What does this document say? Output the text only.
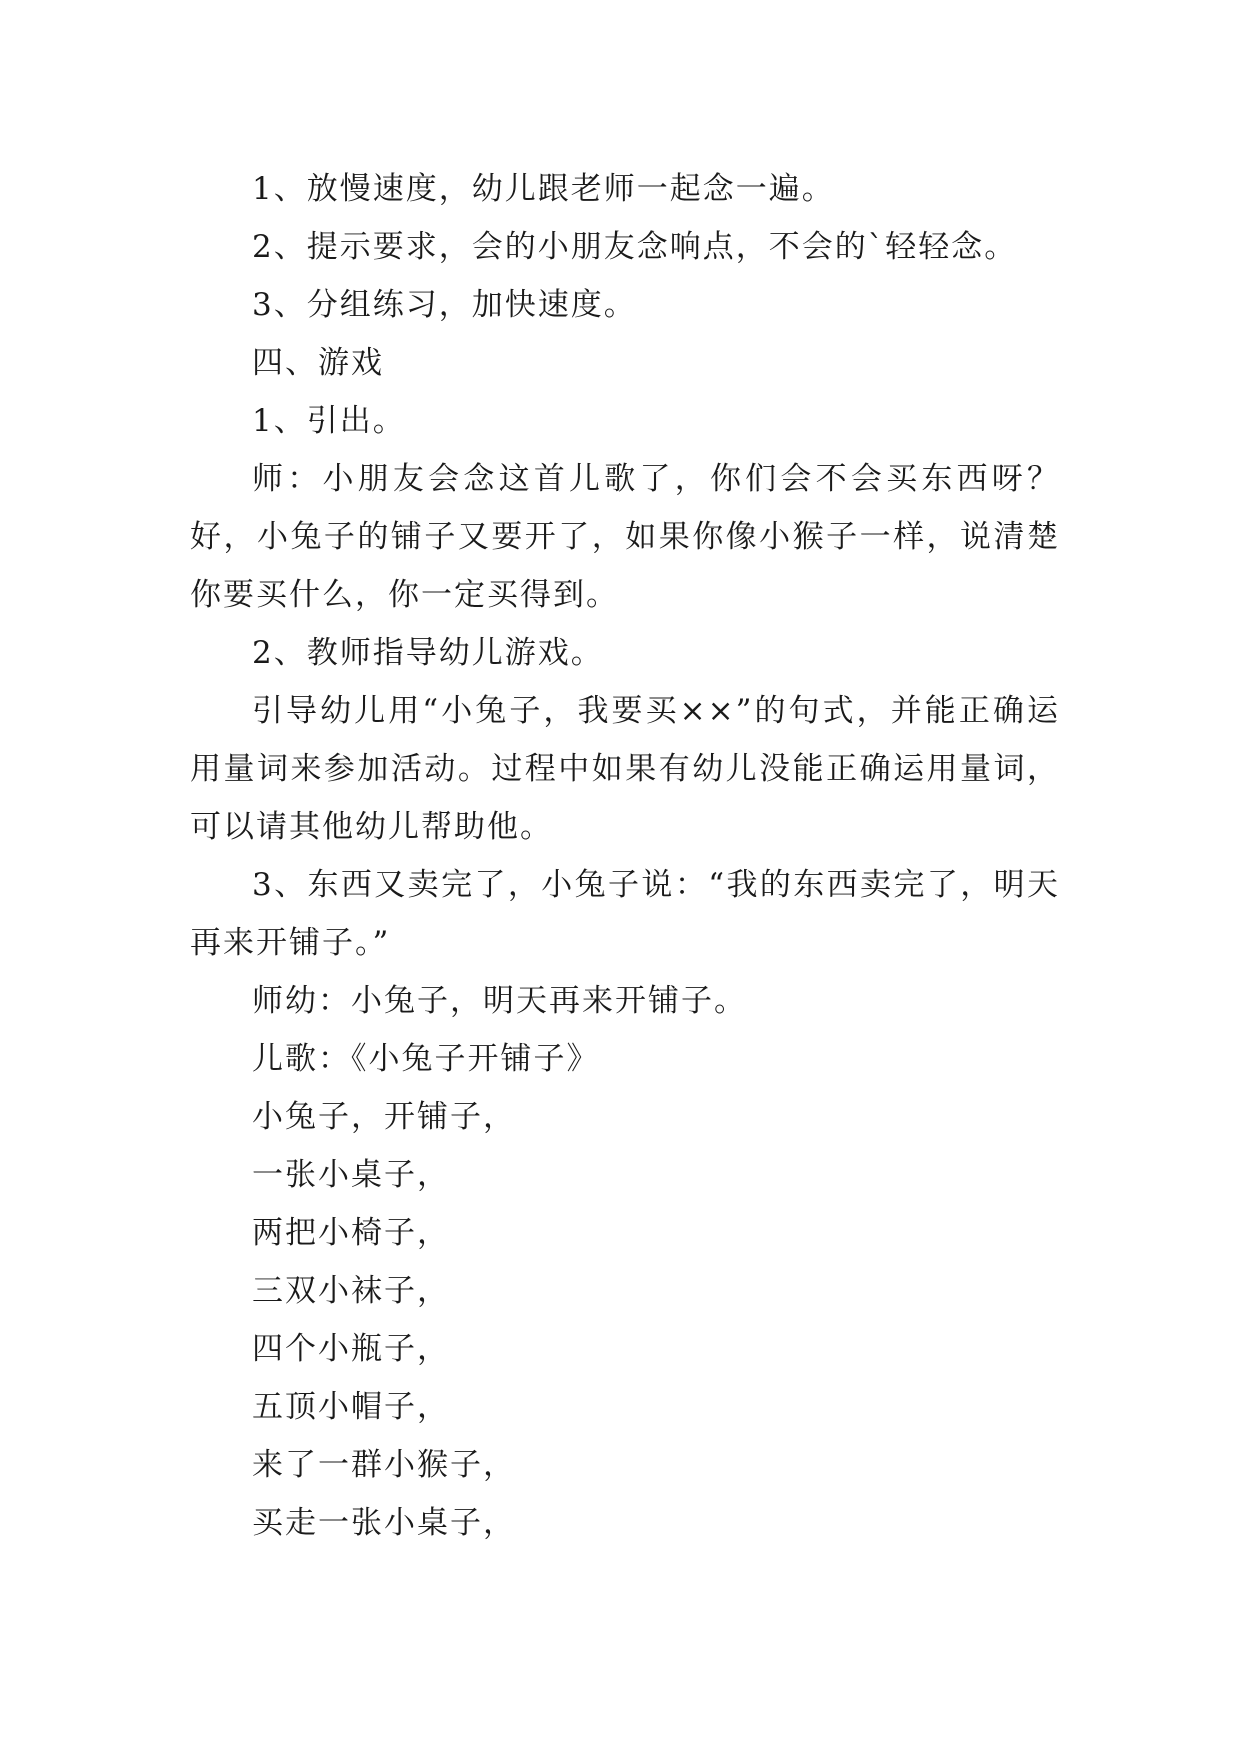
1、放慢速度，幼儿跟老师一起念一遍。

2、提示要求，会的小朋友念响点，不会的`轻轻念。

3、分组练习，加快速度。

四、游戏

1、引出。

师：小朋友会念这首儿歌了，你们会不会买东西呀？好，小兔子的铺子又要开了，如果你像小猴子一样，说清楚你要买什么，你一定买得到。

2、教师指导幼儿游戏。

引导幼儿用“小兔子，我要买××”的句式，并能正确运用量词来参加活动。过程中如果有幼儿没能正确运用量词，可以请其他幼儿帮助他。

3、东西又卖完了，小兔子说：“我的东西卖完了，明天再来开铺子。”

师幼：小兔子，明天再来开铺子。

儿歌：《小兔子开铺子》

小兔子，开铺子，

一张小桌子，

两把小椅子，

三双小袜子，

四个小瓶子，

五顶小帽子，

来了一群小猴子，

买走一张小桌子，
